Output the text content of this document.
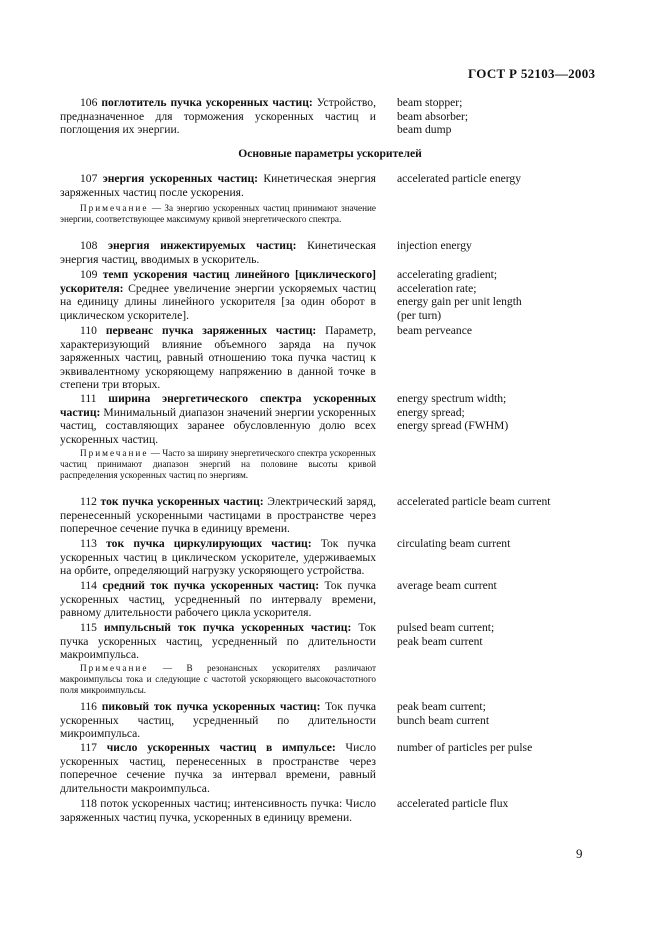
ГОСТ Р 52103—2003
106 поглотитель пучка ускоренных частиц: Устройство, предназначенное для торможения ускоренных частиц и поглощения их энергии.
beam stopper;
beam absorber;
beam dump
Основные параметры ускорителей
107 энергия ускоренных частиц: Кинетическая энергия заряженных частиц после ускорения.
accelerated particle energy
Примечание — За энергию ускоренных частиц принимают значение энергии, соответствующее максимуму кривой энергетического спектра.
108 энергия инжектируемых частиц: Кинетическая энергия частиц, вводимых в ускоритель.
injection energy
109 темп ускорения частиц линейного [циклического] ускорителя: Среднее увеличение энергии ускоряемых частиц на единицу длины линейного ускорителя [за один оборот в циклическом ускорителе].
accelerating gradient;
acceleration rate;
energy gain per unit length
(per turn)
110 первеанс пучка заряженных частиц: Параметр, характеризующий влияние объемного заряда на пучок заряженных частиц, равный отношению тока пучка частиц к эквивалентному ускоряющему напряжению в данной точке в степени три вторых.
beam perveance
111 ширина энергетического спектра ускоренных частиц: Минимальный диапазон значений энергии ускоренных частиц, составляющих заранее обусловленную долю всех ускоренных частиц.
energy spectrum width;
energy spread;
energy spread (FWHM)
Примечание — Часто за ширину энергетического спектра ускоренных частиц принимают диапазон энергий на половине высоты кривой распределения ускоренных частиц по энергиям.
112 ток пучка ускоренных частиц: Электрический заряд, перенесенный ускоренными частицами в пространстве через поперечное сечение пучка в единицу времени.
accelerated particle beam current
113 ток пучка циркулирующих частиц: Ток пучка ускоренных частиц в циклическом ускорителе, удерживаемых на орбите, определяющий нагрузку ускоряющего устройства.
circulating beam current
114 средний ток пучка ускоренных частиц: Ток пучка ускоренных частиц, усредненный по интервалу времени, равному длительности рабочего цикла ускорителя.
average beam current
115 импульсный ток пучка ускоренных частиц: Ток пучка ускоренных частиц, усредненный по длительности макроимпульса.
pulsed beam current;
peak beam current
Примечание — В резонансных ускорителях различают макроимпульсы тока и следующие с частотой ускоряющего высокочастотного поля микроимпульсы.
116 пиковый ток пучка ускоренных частиц: Ток пучка ускоренных частиц, усредненный по длительности микроимпульса.
peak beam current;
bunch beam current
117 число ускоренных частиц в импульсе: Число ускоренных частиц, перенесенных в пространстве через поперечное сечение пучка за интервал времени, равный длительности макроимпульса.
number of particles per pulse
118 поток ускоренных частиц; интенсивность пучка: Число заряженных частиц пучка, ускоренных в единицу времени.
accelerated particle flux
9
